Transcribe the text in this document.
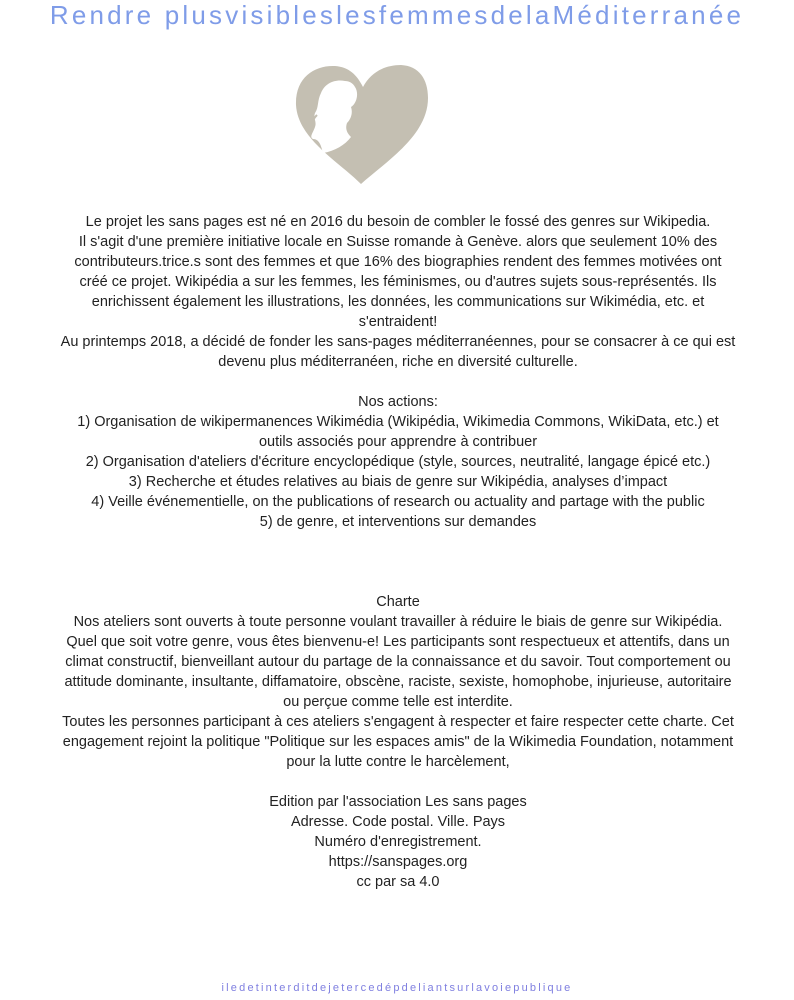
Rendre plusvisibleslesfemmesdelaMéditerranée

Le projet les sans pages est né en 2016 du besoin de combler le fossé des genres sur Wikipedia.

Il s'agit d'une première initiative locale en Suisse romande à Genève. alors que seulement 10% des contributeurs.trice.s sont des femmes et que 16% des biographies rendent des femmes motivées ont créé ce projet. Wikipédia a sur les femmes, les féminismes, ou d'autres sujets sous-représentés. Ils enrichissent également les illustrations, les données, les communications sur Wikimédia, etc. et s'entraident!

Au printemps 2018, a décidé de fonder les sans-pages méditerranéennes, pour se consacrer à ce qui est devenu plus méditerranéen, riche en diversité culturelle.

Nos actions:

1) Organisation de wikipermanences Wikimédia (Wikipédia, Wikimedia Commons, WikiData, etc.) et outils associés pour apprendre à contribuer

2) Organisation d'ateliers d'écriture encyclopédique (style, sources, neutralité, langage épicé etc.)

3) Recherche et études relatives au biais de genre sur Wikipédia, analyses d’impact

4) Veille événementielle, on the publications of research ou actuality and partage with the public

5) de genre, et interventions sur demandes

Charte

Nos ateliers sont ouverts à toute personne voulant travailler à réduire le biais de genre sur Wikipédia. Quel que soit votre genre, vous êtes bienvenu-e! Les participants sont respectueux et attentifs, dans un climat constructif, bienveillant autour du partage de la connaissance et du savoir. Tout comportement ou attitude dominante, insultante, diffamatoire, obscène, raciste, sexiste, homophobe, injurieuse, autoritaire ou perçue comme telle est interdite.

Toutes les personnes participant à ces ateliers s'engagent à respecter et faire respecter cette charte. Cet engagement rejoint la politique "Politique sur les espaces amis" de la Wikimedia Foundation, notamment pour la lutte contre le harcèlement,

Edition par l'association Les sans pages

Adresse. Code postal. Ville. Pays

Numéro d'enregistrement.

https://sanspages.org

cc par sa 4.0

iledetinterditdejetercedépdeliantsurlavoiepublique
